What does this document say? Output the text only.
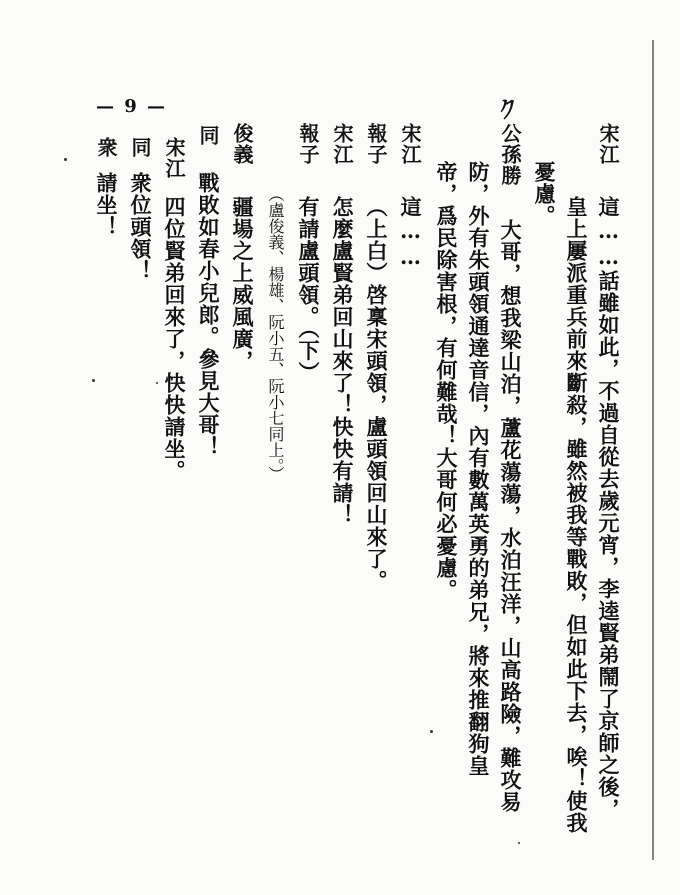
— 9 —	ク
宋江
這……話雖如此，不過自從去歲元宵，李逵賢弟鬧了京師之後，
皇上屢派重兵前來斷殺，雖然被我等戰敗，但如此下去，唉！使我
憂慮。
公孫勝
大哥，想我梁山泊，蘆花蕩蕩，水泊汪洋，山高路險，難攻易
防，外有朱頭領通達音信，內有數萬英勇的弟兄，將來推翻狗皇
帝，爲民除害根，有何難哉！大哥何必憂慮。
宋江
這……
報子
（上白）啓稟宋頭領，盧頭領回山來了。
宋江
怎麼盧賢弟回山來了！快快有請！
報子
有請盧頭領。（下）
（盧俊義、楊雄、阮小五、阮小七同上。）
俊義
疆場之上威風廣，
同
戰敗如春小兒郎。參見大哥！
宋江
四位賢弟回來了，快快請坐。
同
衆位頭領！
衆
請坐！
